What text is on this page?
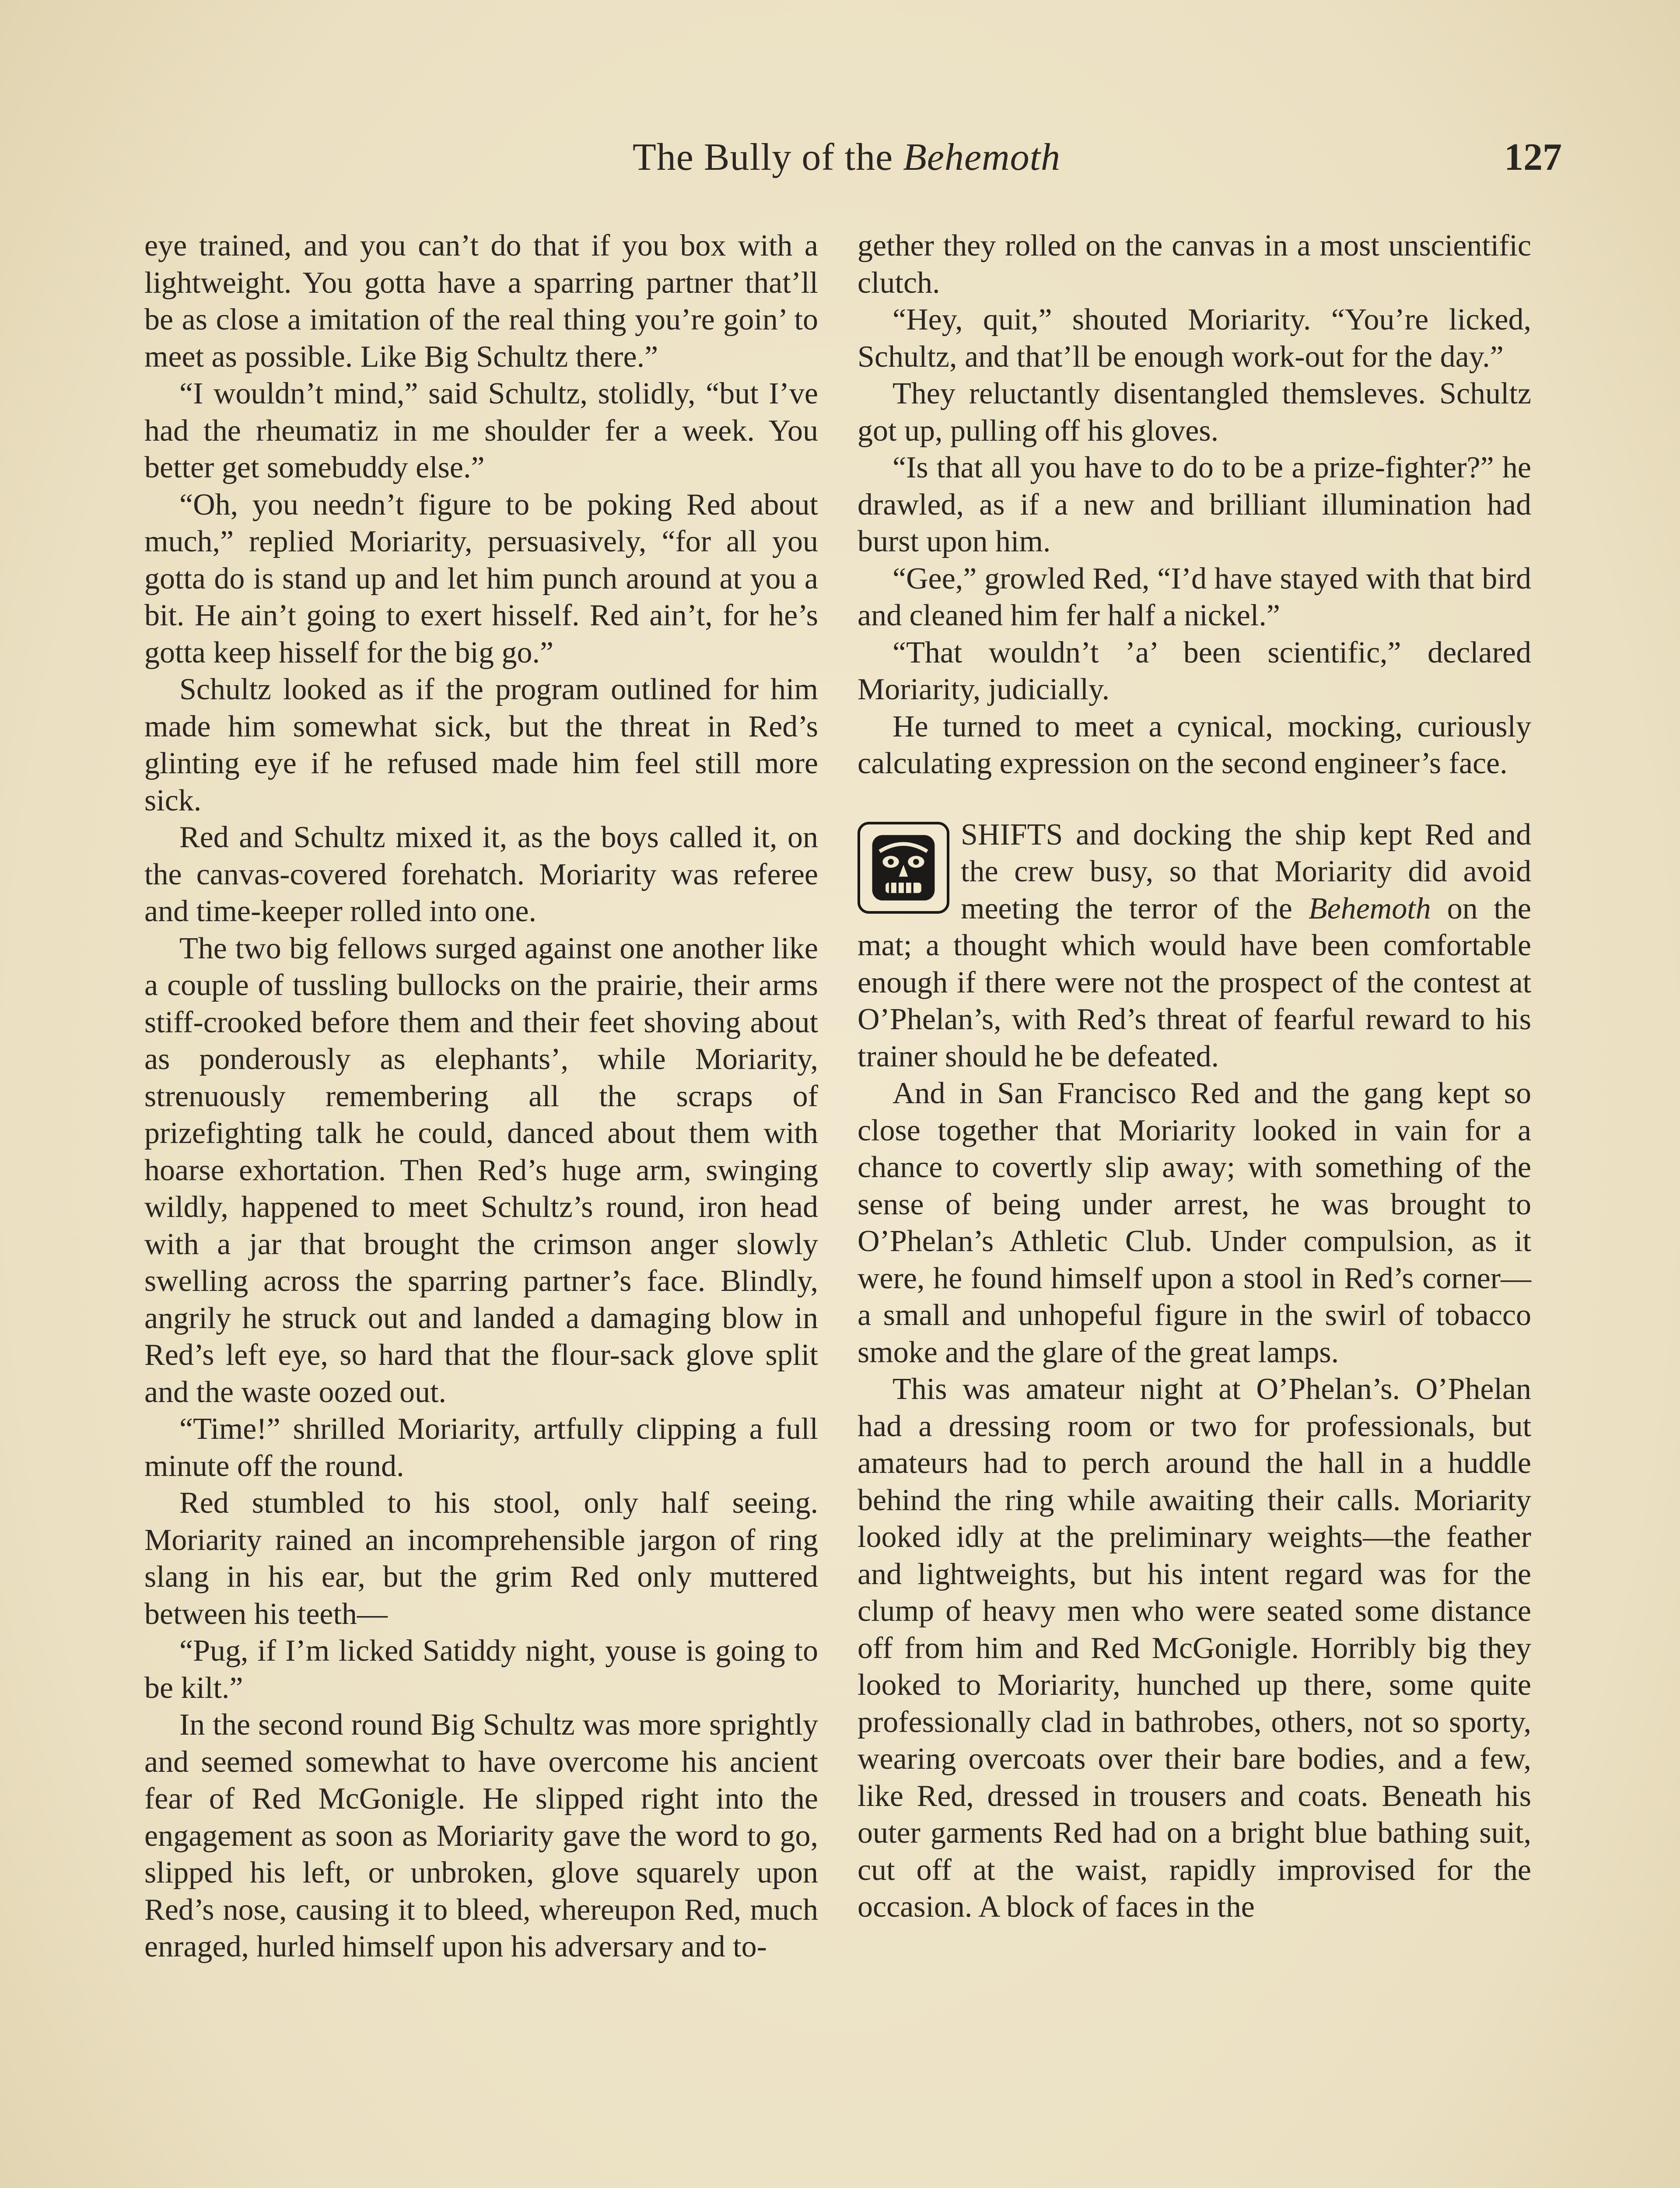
The Bully of the Behemoth	127

eye trained, and you can’t do that if you box with a lightweight. You gotta have a sparring partner that’ll be as close a imitation of the real thing you’re goin’ to meet as possible. Like Big Schultz there.”

“I wouldn’t mind,” said Schultz, stolidly, “but I’ve had the rheumatiz in me shoulder fer a week. You better get somebuddy else.”

“Oh, you needn’t figure to be poking Red about much,” replied Moriarity, persuasively, “for all you gotta do is stand up and let him punch around at you a bit. He ain’t going to exert hisself. Red ain’t, for he’s gotta keep hisself for the big go.”

Schultz looked as if the program outlined for him made him somewhat sick, but the threat in Red’s glinting eye if he refused made him feel still more sick.

Red and Schultz mixed it, as the boys called it, on the canvas-covered forehatch. Moriarity was referee and time-keeper rolled into one.

The two big fellows surged against one another like a couple of tussling bullocks on the prairie, their arms stiff-crooked before them and their feet shoving about as ponderously as elephants’, while Moriarity, strenuously remembering all the scraps of prizefighting talk he could, danced about them with hoarse exhortation. Then Red’s huge arm, swinging wildly, happened to meet Schultz’s round, iron head with a jar that brought the crimson anger slowly swelling across the sparring partner’s face. Blindly, angrily he struck out and landed a damaging blow in Red’s left eye, so hard that the flour-sack glove split and the waste oozed out.

“Time!” shrilled Moriarity, artfully clipping a full minute off the round.

Red stumbled to his stool, only half seeing. Moriarity rained an incomprehensible jargon of ring slang in his ear, but the grim Red only muttered between his teeth—

“Pug, if I’m licked Satiddy night, youse is going to be kilt.”

In the second round Big Schultz was more sprightly and seemed somewhat to have overcome his ancient fear of Red McGonigle. He slipped right into the engagement as soon as Moriarity gave the word to go, slipped his left, or unbroken, glove squarely upon Red’s nose, causing it to bleed, whereupon Red, much enraged, hurled himself upon his adversary and to-

gether they rolled on the canvas in a most unscientific clutch.

“Hey, quit,” shouted Moriarity. “You’re licked, Schultz, and that’ll be enough work-out for the day.”

They reluctantly disentangled themsleves. Schultz got up, pulling off his gloves.

“Is that all you have to do to be a prize-fighter?” he drawled, as if a new and brilliant illumination had burst upon him.

“Gee,” growled Red, “I’d have stayed with that bird and cleaned him fer half a nickel.”

“That wouldn’t ’a’ been scientific,” declared Moriarity, judicially.

He turned to meet a cynical, mocking, curiously calculating expression on the second engineer’s face.

SHIFTS and docking the ship kept Red and the crew busy, so that Moriarity did avoid meeting the terror of the Behemoth on the mat; a thought which would have been comfortable enough if there were not the prospect of the contest at O’Phelan’s, with Red’s threat of fearful reward to his trainer should he be defeated.

And in San Francisco Red and the gang kept so close together that Moriarity looked in vain for a chance to covertly slip away; with something of the sense of being under arrest, he was brought to O’Phelan’s Athletic Club. Under compulsion, as it were, he found himself upon a stool in Red’s corner—a small and unhopeful figure in the swirl of tobacco smoke and the glare of the great lamps.

This was amateur night at O’Phelan’s. O’Phelan had a dressing room or two for professionals, but amateurs had to perch around the hall in a huddle behind the ring while awaiting their calls. Moriarity looked idly at the preliminary weights—the feather and lightweights, but his intent regard was for the clump of heavy men who were seated some distance off from him and Red McGonigle. Horribly big they looked to Moriarity, hunched up there, some quite professionally clad in bathrobes, others, not so sporty, wearing overcoats over their bare bodies, and a few, like Red, dressed in trousers and coats. Beneath his outer garments Red had on a bright blue bathing suit, cut off at the waist, rapidly improvised for the occasion. A block of faces in the
